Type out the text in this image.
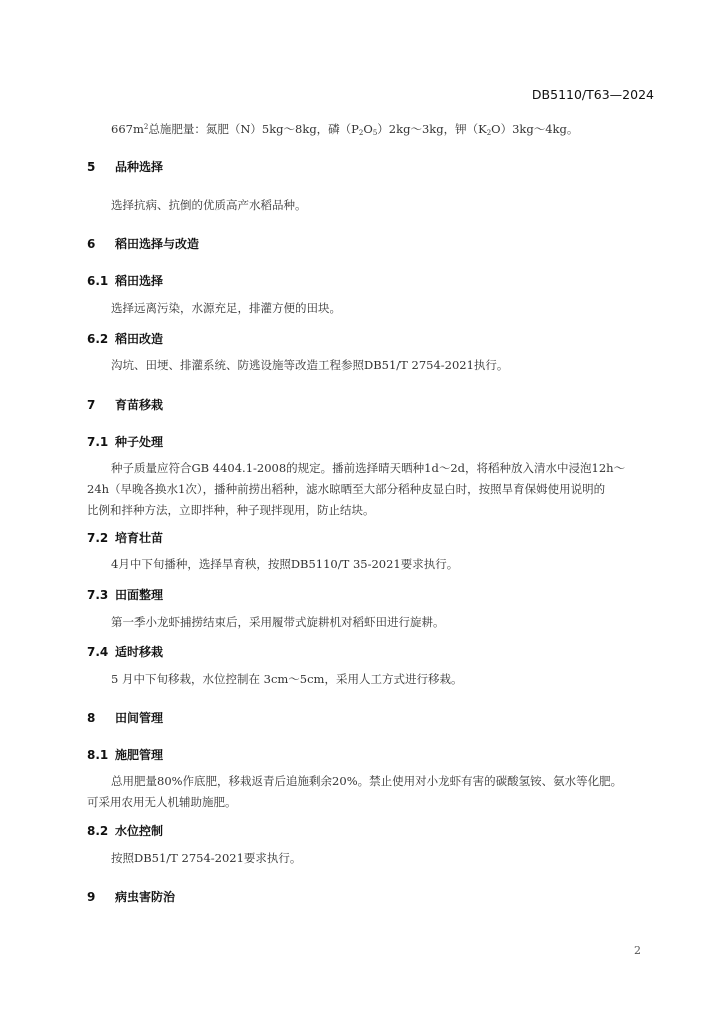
DB5110/T63—2024
$667m^2$总施肥量：氮肥（N）5kg～8kg，磷$(P_2O_5)2kg\sim 3kg$，钾$(K_2O)3kg\sim 4kg$。
5 品种选择
选择抗病、抗倒的优质高产水稻品种。
6 稻田选择与改造
6.1 稻田选择
选择远离污染，水源充足，排灌方便的田块。
6.2 稻田改造
沟坑、田埂、排灌系统、防逃设施等改造工程参照DB51/T 2754-2021执行。
7 育苗移栽
7.1 种子处理
种子质量应符合GB 4404.1-2008的规定。播前选择晴天晒种1d～2d，将稻种放入清水中浸泡12h～
24h（早晚各换水1次），播种前捞出稻种，滤水晾晒至大部分稻种皮显白时，按照旱育保姆使用说明的
比例和拌种方法，立即拌种，种子现拌现用，防止结块。
7.2 培育壮苗
4月中下旬播种，选择旱育秧，按照DB5110/T 35-2021要求执行。
7.3 田面整理
第一季小龙虾捕捞结束后，采用履带式旋耕机对稻虾田进行旋耕。
7.4 适时移栽
5 月中下旬移栽，水位控制在 3cm～5cm，采用人工方式进行移栽。
8 田间管理
8.1 施肥管理
总用肥量80%作底肥，移栽返青后追施剩余20%。禁止使用对小龙虾有害的碳酸氢铵、氨水等化肥。
可采用农用无人机辅助施肥。
8.2 水位控制
按照DB51/T 2754-2021要求执行。
9 病虫害防治
2
